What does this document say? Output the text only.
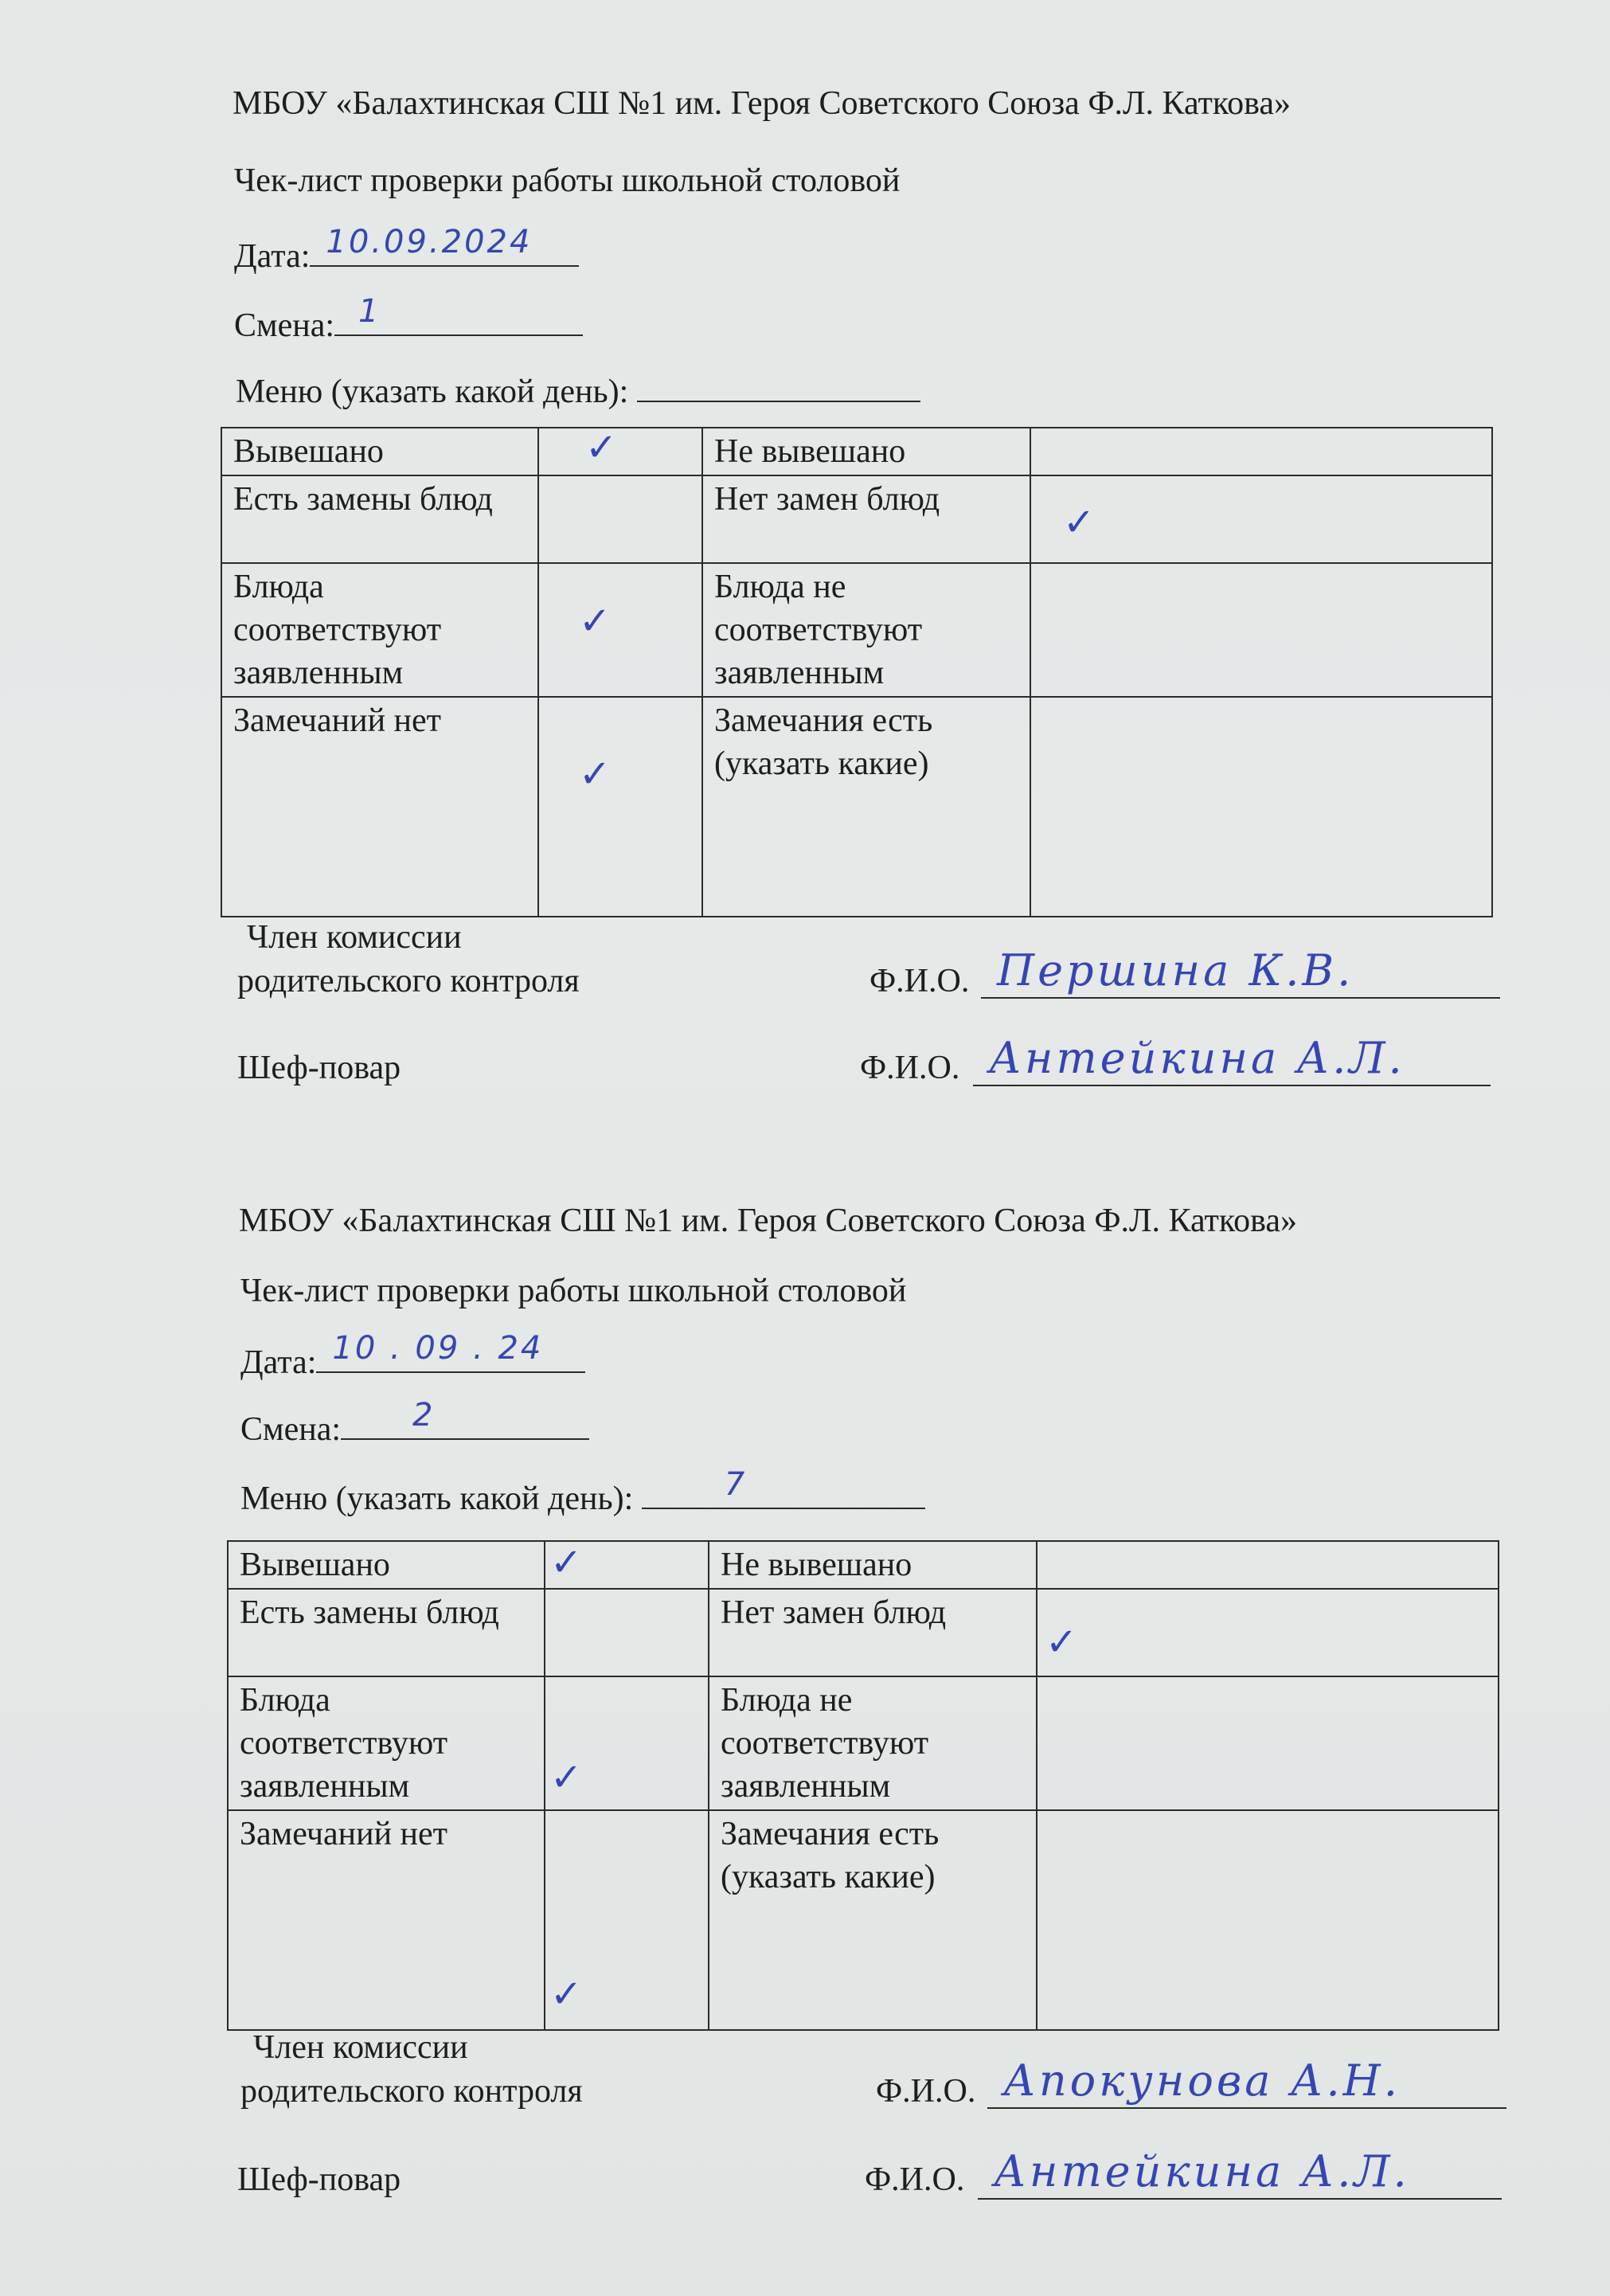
МБОУ «Балахтинская СШ №1 им. Героя Советского Союза Ф.Л. Каткова»
Чек-лист проверки работы школьной столовой
Дата: 10.09.2024
Смена: 1
Меню (указать какой день):
Вывешано	✓	Не вывешано	

Есть замены блюд		Нет замен блюд	✓

Блюда соответствуют заявленным	✓	Блюда не соответствуют заявленным	

Замечаний нет	✓	Замечания есть (указать какие)	
Член комиссии
родительского контроля	Ф.И.О. Першина К.В.
Шеф-повар	Ф.И.О. Антейкина А.Л.
МБОУ «Балахтинская СШ №1 им. Героя Советского Союза Ф.Л. Каткова»
Чек-лист проверки работы школьной столовой
Дата: 10 . 09 . 24
Смена: 2
Меню (указать какой день):	7
Вывешано	✓	Не вывешано	

Есть замены блюд		Нет замен блюд	✓

Блюда соответствуют заявленным	✓	Блюда не соответствуют заявленным	

Замечаний нет	✓	Замечания есть (указать какие)	
Член комиссии
родительского контроля	Ф.И.О. Апокунова А.Н.
Шеф-повар	Ф.И.О. Антейкина А.Л.
